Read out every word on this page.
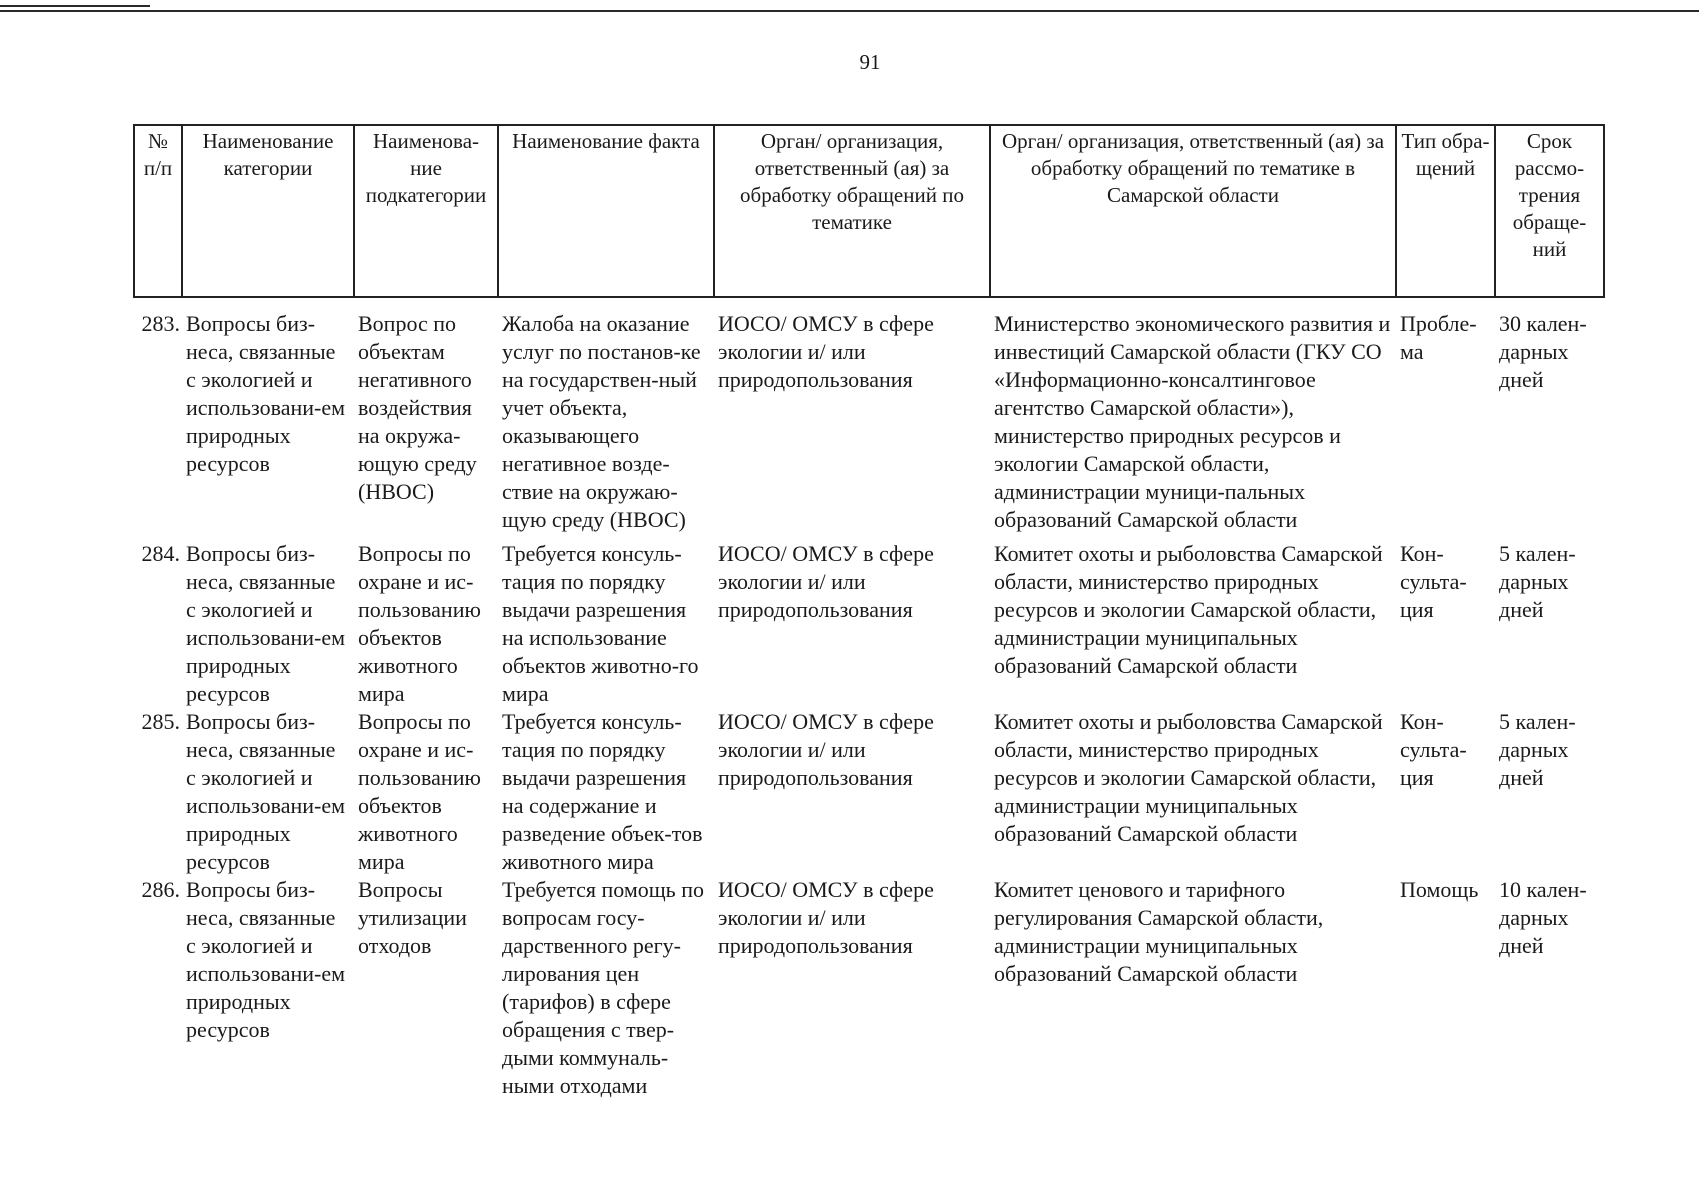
91
№ п/п	Наименование категории	Наименова-ние подкатегории	Наименование факта	Орган/ организация, ответственный (ая) за обработку обращений по тематике	Орган/ организация, ответственный (ая) за обработку обращений по тематике в Самарской области	Тип обра-щений	Срок рассмо-трения обраще-ний
283.	Вопросы биз-неса, связанные с экологией и использовани-ем природных ресурсов	Вопрос по объектам негативного воздействия на окружа-ющую среду (НВОС)	Жалоба на оказание услуг по постанов-ке на государствен-ный учет объекта, оказывающего негативное возде-ствие на окружаю-щую среду (НВОС)	ИОСО/ ОМСУ в сфере экологии и/ или природопользования	Министерство экономического развития и инвестиций Самарской области (ГКУ СО «Информационно-консалтинговое агентство Самарской области»), министерство природных ресурсов и экологии Самарской области, администрации муници-пальных образований Самарской области	Пробле-ма	30 кален-дарных дней

284.	Вопросы биз-неса, связанные с экологией и использовани-ем природных ресурсов	Вопросы по охране и ис-пользованию объектов животного мира	Требуется консуль-тация по порядку выдачи разрешения на использование объектов животно-го мира	ИОСО/ ОМСУ в сфере экологии и/ или природопользования	Комитет охоты и рыболовства Самарской области, министерство природных ресурсов и экологии Самарской области, администрации муниципальных образований Самарской области	Кон-сульта-ция	5 кален-дарных дней
285.	Вопросы биз-неса, связанные с экологией и использовани-ем природных ресурсов	Вопросы по охране и ис-пользованию объектов животного мира	Требуется консуль-тация по порядку выдачи разрешения на содержание и разведение объек-тов животного мира	ИОСО/ ОМСУ в сфере экологии и/ или природопользования	Комитет охоты и рыболовства Самарской области, министерство природных ресурсов и экологии Самарской области, администрации муниципальных образований Самарской области	Кон-сульта-ция	5 кален-дарных дней
286.	Вопросы биз-неса, связанные с экологией и использовани-ем природных ресурсов	Вопросы утилизации отходов	Требуется помощь по вопросам госу-дарственного регу-лирования цен (тарифов) в сфере обращения с твер-дыми коммуналь-ными отходами	ИОСО/ ОМСУ в сфере экологии и/ или природопользования	Комитет ценового и тарифного регулирования Самарской области, администрации муниципальных образований Самарской области	Помощь	10 кален-дарных дней
